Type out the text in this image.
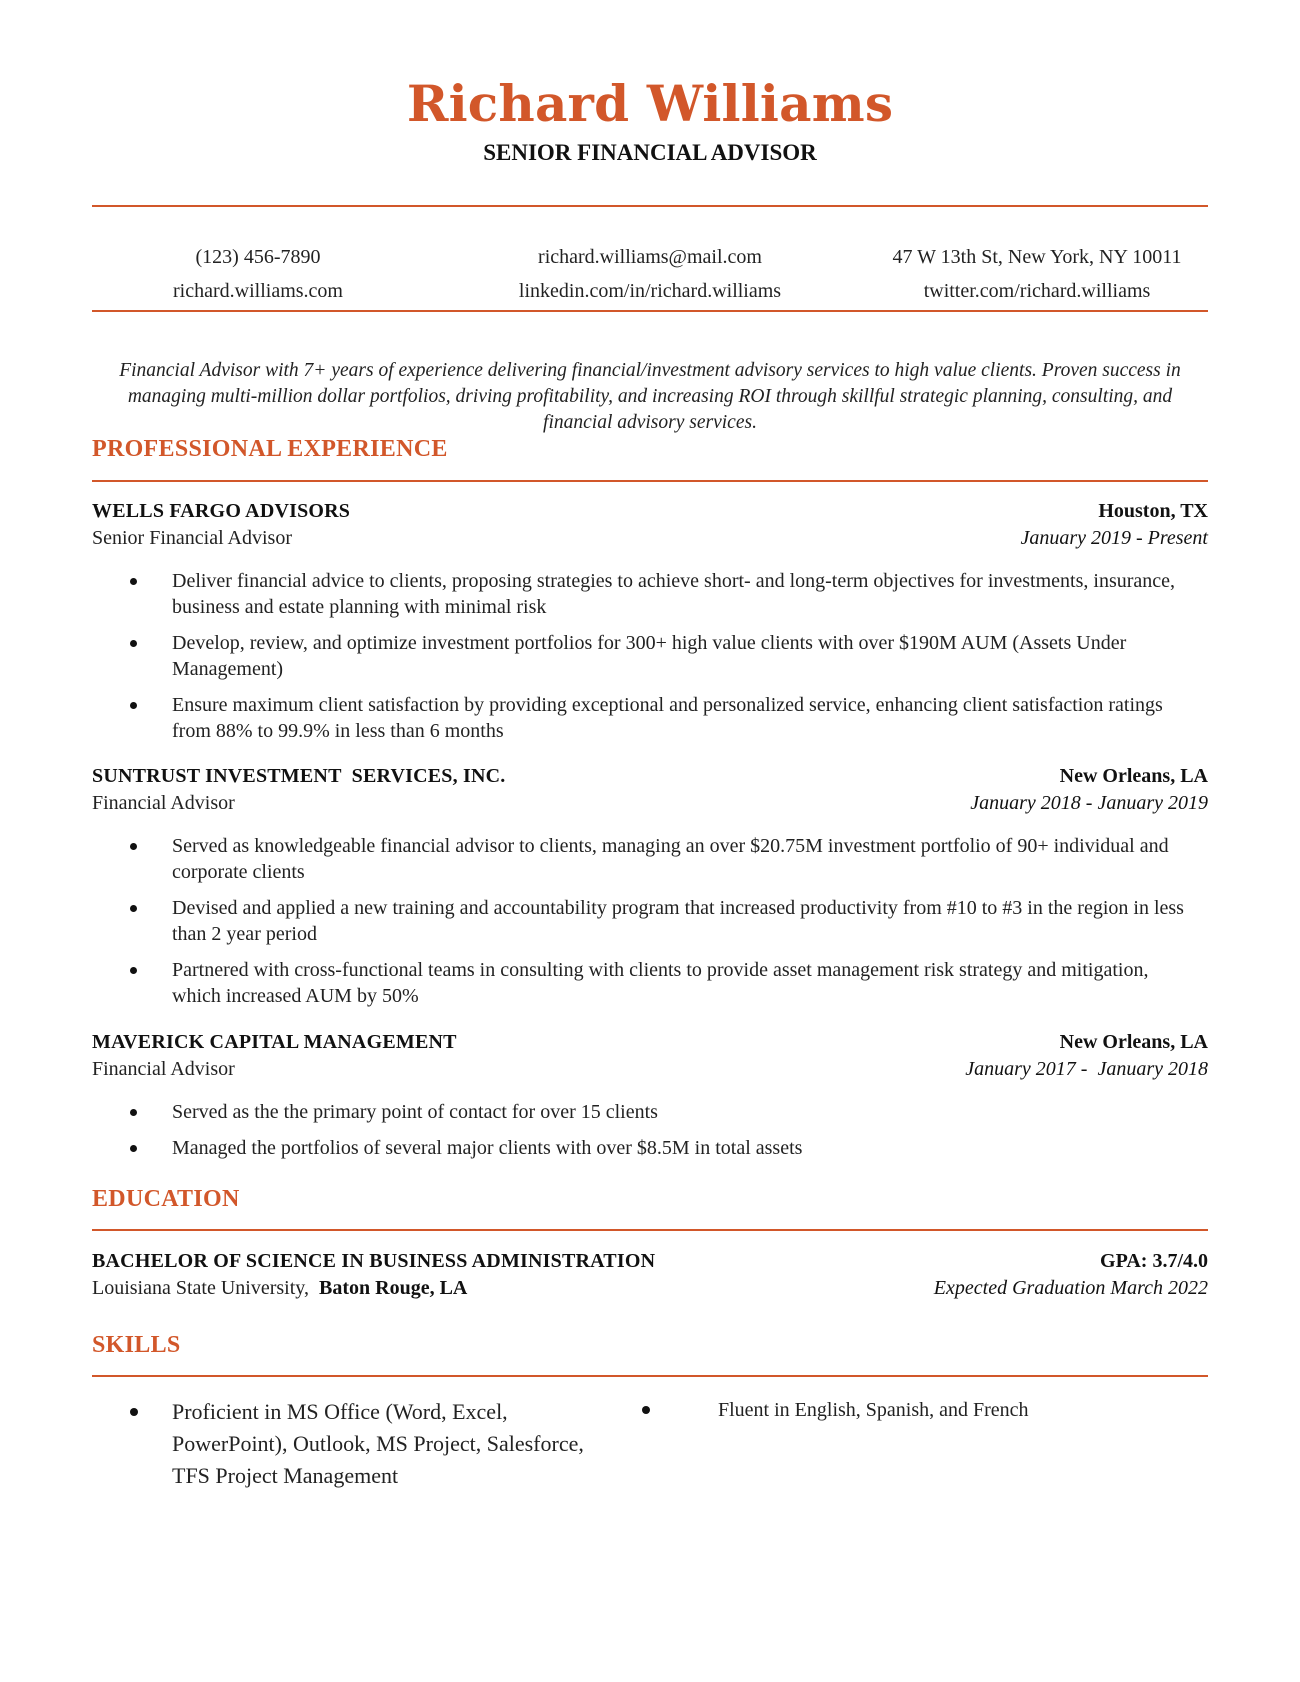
Richard Williams
SENIOR FINANCIAL ADVISOR
(123) 456-7890	richard.williams@mail.com	47 W 13th St, New York, NY 10011
richard.williams.com	linkedin.com/in/richard.williams	twitter.com/richard.williams
Financial Advisor with 7+ years of experience delivering financial/investment advisory services to high value clients. Proven success in managing multi-million dollar portfolios, driving profitability, and increasing ROI through skillful strategic planning, consulting, and financial advisory services.
PROFESSIONAL EXPERIENCE
WELLS FARGO ADVISORS	Houston, TX
Senior Financial Advisor	January 2019 - Present
Deliver financial advice to clients, proposing strategies to achieve short- and long-term objectives for investments, insurance, business and estate planning with minimal risk
Develop, review, and optimize investment portfolios for 300+ high value clients with over $190M AUM (Assets Under Management)
Ensure maximum client satisfaction by providing exceptional and personalized service, enhancing client satisfaction ratings from 88% to 99.9% in less than 6 months
SUNTRUST INVESTMENT  SERVICES, INC.	New Orleans, LA
Financial Advisor	January 2018 - January 2019
Served as knowledgeable financial advisor to clients, managing an over $20.75M investment portfolio of 90+ individual and corporate clients
Devised and applied a new training and accountability program that increased productivity from #10 to #3 in the region in less than 2 year period
Partnered with cross-functional teams in consulting with clients to provide asset management risk strategy and mitigation, which increased AUM by 50%
MAVERICK CAPITAL MANAGEMENT	New Orleans, LA
Financial Advisor	January 2017 -  January 2018
Served as the the primary point of contact for over 15 clients
Managed the portfolios of several major clients with over $8.5M in total assets
EDUCATION
BACHELOR OF SCIENCE IN BUSINESS ADMINISTRATION	GPA: 3.7/4.0
Louisiana State University, Baton Rouge, LA	Expected Graduation March 2022
SKILLS
Proficient in MS Office (Word, Excel, PowerPoint), Outlook, MS Project, Salesforce, TFS Project Management
Fluent in English, Spanish, and French
